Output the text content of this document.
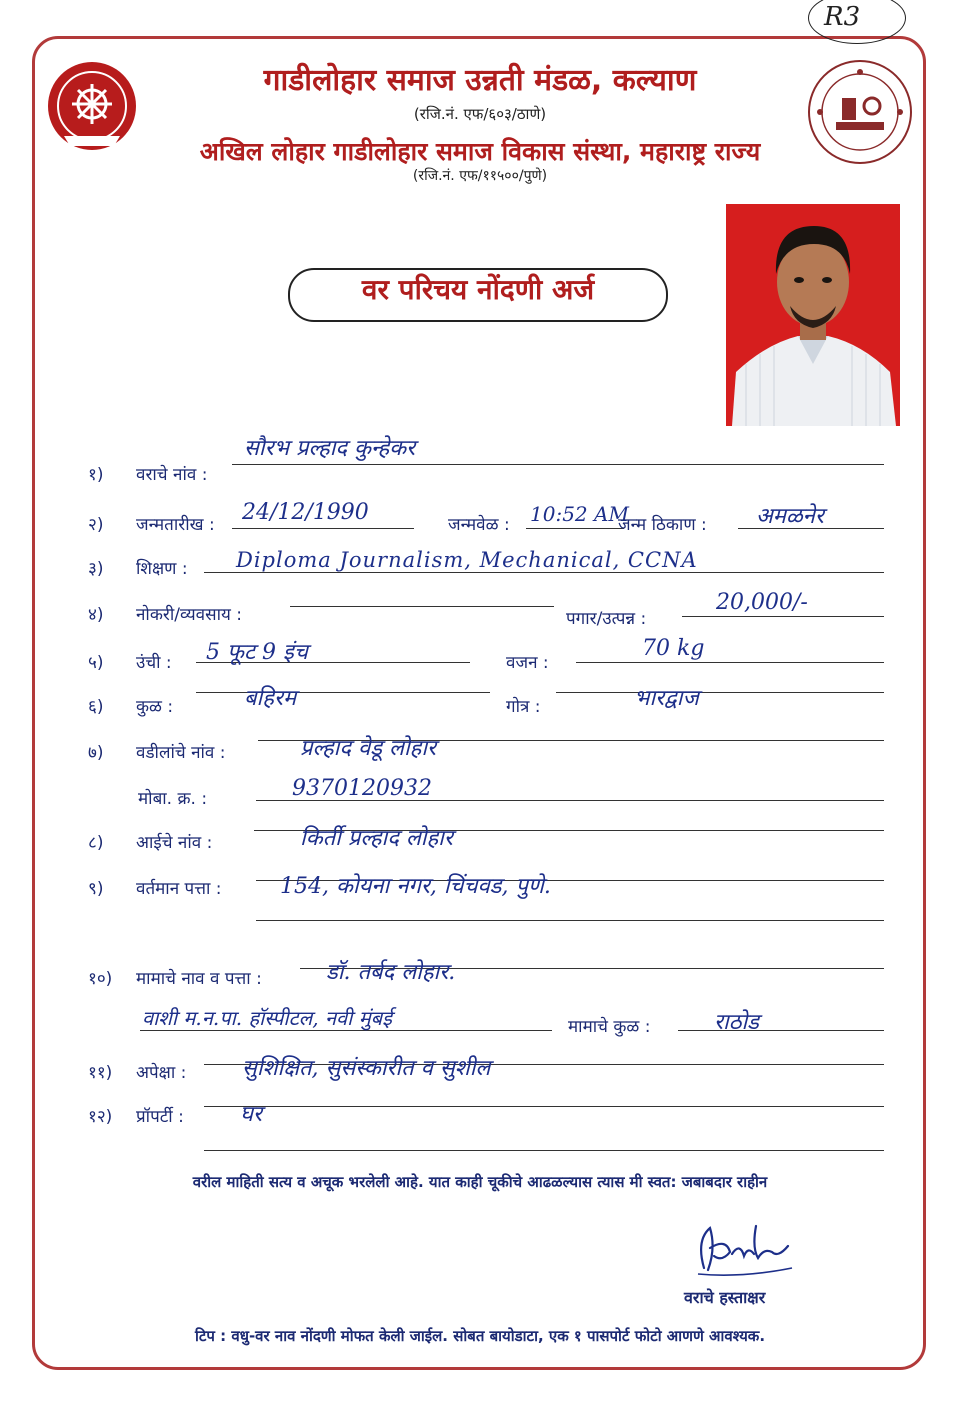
R3
गाडीलोहार समाज उन्नती मंडळ, कल्याण
(रजि.नं. एफ/६०३/ठाणे)
अखिल लोहार गाडीलोहार समाज विकास संस्था, महाराष्ट्र राज्य
(रजि.नं. एफ/११५००/पुणे)
वर परिचय नोंदणी अर्ज
१) वराचे नांव :
सौरभ प्रल्हाद कुन्हेकर
२) जन्मतारीख : 24/12/1990	जन्मवेळ : 10:52 AM
जन्म ठिकाण : अमळनेर
३) शिक्षण : Diploma Journalism, Mechanical, CCNA
४) नोकरी/व्यवसाय :	पगार/उत्पन्न :
20,000/-
५) उंची : 5 फूट 9 इंच	वजन :
70 kg
६) कुळ :	बहिरम	गोत्र :	भारद्वाज
७) वडीलांचे नांव :	प्रल्हाद वेडू लोहार
मोबा. क्र. :	9370120932
८) आईचे नांव :	किर्ती प्रल्हाद लोहार
९) वर्तमान पत्ता :	154, कोयना नगर, चिंचवड, पुणे.
१०) मामाचे नाव व पत्ता :	डॉ. तर्बद लोहार.
वाशी म.न.पा. हॉस्पीटल, नवी मुंबई	मामाचे कुळ :	राठोड
११) अपेक्षा :	सुशिक्षित, सुसंस्कारीत व सुशील
१२) प्रॉपर्टी :	घर
वरील माहिती सत्य व अचूक भरलेली आहे. यात काही चूकीचे आढळल्यास त्यास मी स्वत: जबाबदार राहीन
वराचे हस्ताक्षर
टिप : वधु-वर नाव नोंदणी मोफत केली जाईल. सोबत बायोडाटा, एक १ पासपोर्ट फोटो आणणे आवश्यक.
